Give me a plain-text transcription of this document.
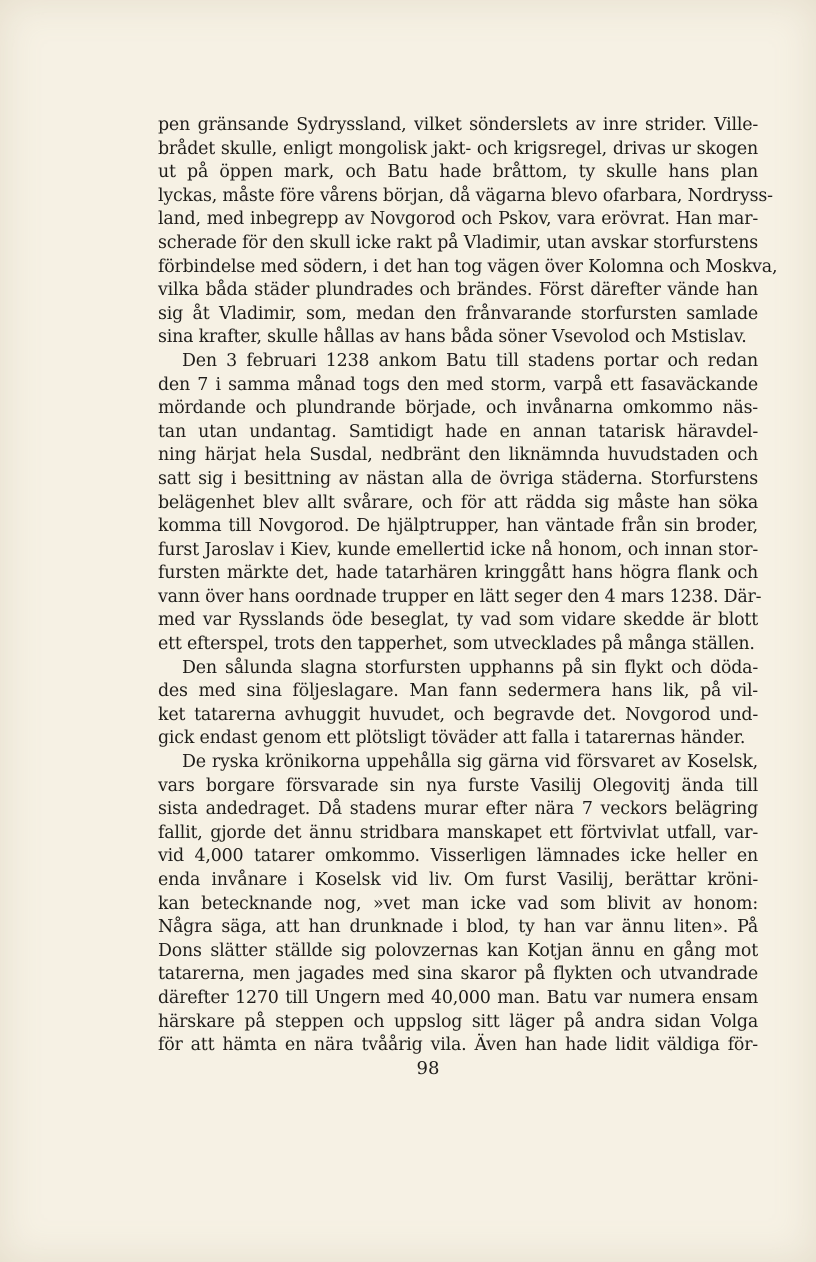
pen gränsande Sydryssland, vilket sönderslets av inre strider. Ville-
brådet skulle, enligt mongolisk jakt- och krigsregel, drivas ur skogen
ut på öppen mark, och Batu hade bråttom, ty skulle hans plan
lyckas, måste före vårens början, då vägarna blevo ofarbara, Nordryss-
land, med inbegrepp av Novgorod och Pskov, vara erövrat. Han mar-
scherade för den skull icke rakt på Vladimir, utan avskar storfurstens
förbindelse med södern, i det han tog vägen över Kolomna och Moskva,
vilka båda städer plundrades och brändes. Först därefter vände han
sig åt Vladimir, som, medan den frånvarande storfursten samlade
sina krafter, skulle hållas av hans båda söner Vsevolod och Mstislav.
Den 3 februari 1238 ankom Batu till stadens portar och redan
den 7 i samma månad togs den med storm, varpå ett fasaväckande
mördande och plundrande började, och invånarna omkommo näs-
tan utan undantag. Samtidigt hade en annan tatarisk häravdel-
ning härjat hela Susdal, nedbränt den liknämnda huvudstaden och
satt sig i besittning av nästan alla de övriga städerna. Storfurstens
belägenhet blev allt svårare, och för att rädda sig måste han söka
komma till Novgorod. De hjälptrupper, han väntade från sin broder,
furst Jaroslav i Kiev, kunde emellertid icke nå honom, och innan stor-
fursten märkte det, hade tatarhären kringgått hans högra flank och
vann över hans oordnade trupper en lätt seger den 4 mars 1238. Där-
med var Rysslands öde beseglat, ty vad som vidare skedde är blott
ett efterspel, trots den tapperhet, som utvecklades på många ställen.
Den sålunda slagna storfursten upphanns på sin flykt och döda-
des med sina följeslagare. Man fann sedermera hans lik, på vil-
ket tatarerna avhuggit huvudet, och begravde det. Novgorod und-
gick endast genom ett plötsligt töväder att falla i tatarernas händer.
De ryska krönikorna uppehålla sig gärna vid försvaret av Koselsk,
vars borgare försvarade sin nya furste Vasilij Olegovitj ända till
sista andedraget. Då stadens murar efter nära 7 veckors belägring
fallit, gjorde det ännu stridbara manskapet ett förtvivlat utfall, var-
vid 4,000 tatarer omkommo. Visserligen lämnades icke heller en
enda invånare i Koselsk vid liv. Om furst Vasilij, berättar kröni-
kan betecknande nog, »vet man icke vad som blivit av honom:
Några säga, att han drunknade i blod, ty han var ännu liten». På
Dons slätter ställde sig polovzernas kan Kotjan ännu en gång mot
tatarerna, men jagades med sina skaror på flykten och utvandrade
därefter 1270 till Ungern med 40,000 man. Batu var numera ensam
härskare på steppen och uppslog sitt läger på andra sidan Volga
för att hämta en nära tvåårig vila. Även han hade lidit väldiga för-
98
